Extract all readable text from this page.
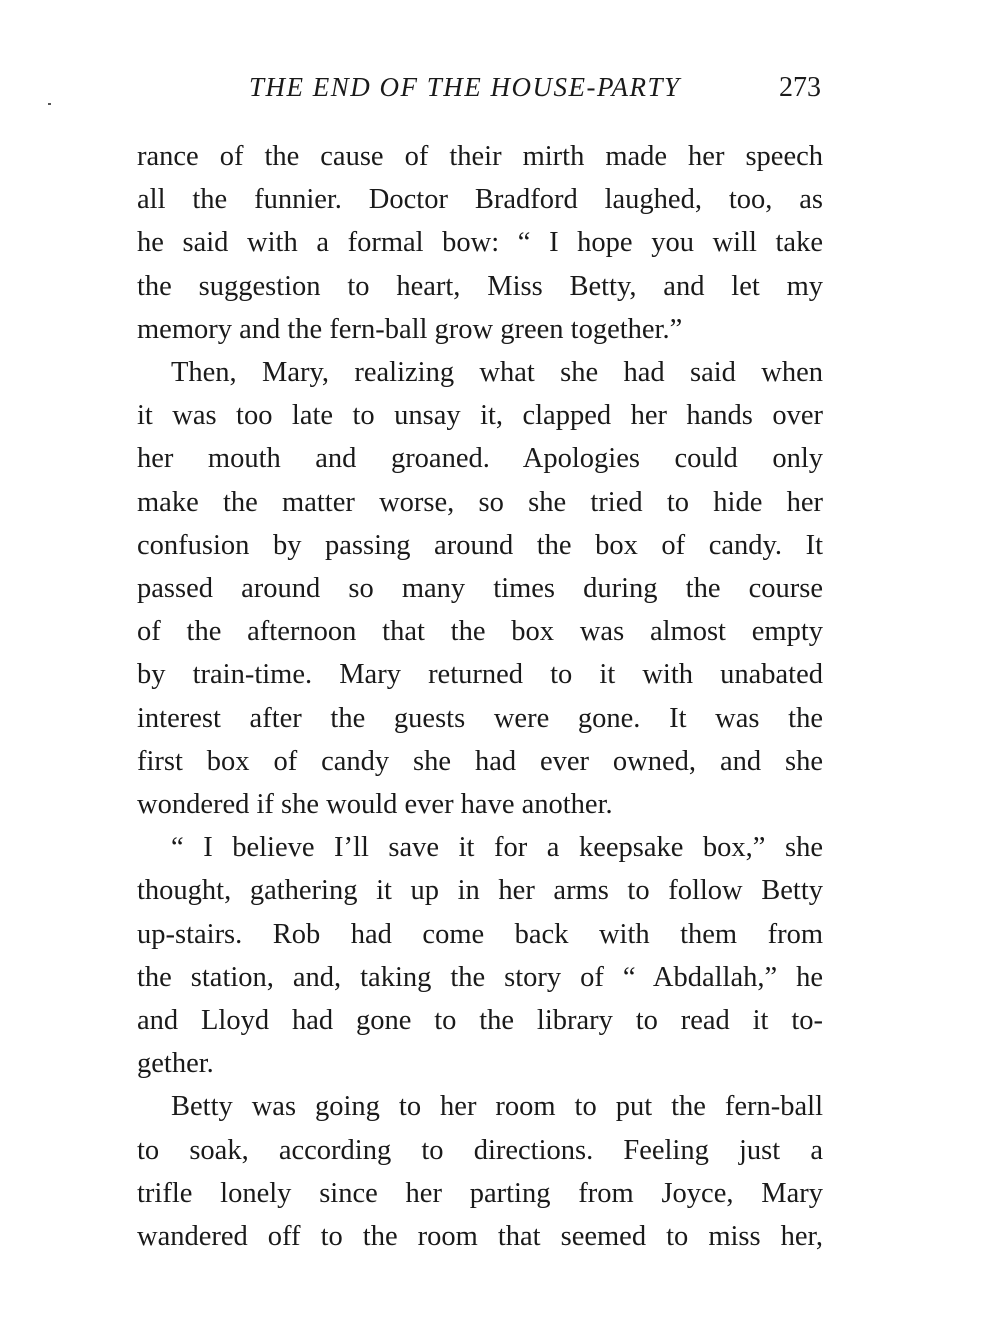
THE END OF THE HOUSE-PARTY	273
rance of the cause of their mirth made her speech
all the funnier. Doctor Bradford laughed, too, as
he said with a formal bow: “ I hope you will take
the suggestion to heart, Miss Betty, and let my
memory and the fern-ball grow green together.”
Then, Mary, realizing what she had said when
it was too late to unsay it, clapped her hands over
her mouth and groaned. Apologies could only
make the matter worse, so she tried to hide her
confusion by passing around the box of candy. It
passed around so many times during the course
of the afternoon that the box was almost empty
by train-time. Mary returned to it with unabated
interest after the guests were gone. It was the
first box of candy she had ever owned, and she
wondered if she would ever have another.
“ I believe I’ll save it for a keepsake box,” she
thought, gathering it up in her arms to follow Betty
up-stairs. Rob had come back with them from
the station, and, taking the story of “ Abdallah,” he
and Lloyd had gone to the library to read it to-
gether.
Betty was going to her room to put the fern-ball
to soak, according to directions. Feeling just a
trifle lonely since her parting from Joyce, Mary
wandered off to the room that seemed to miss her,
